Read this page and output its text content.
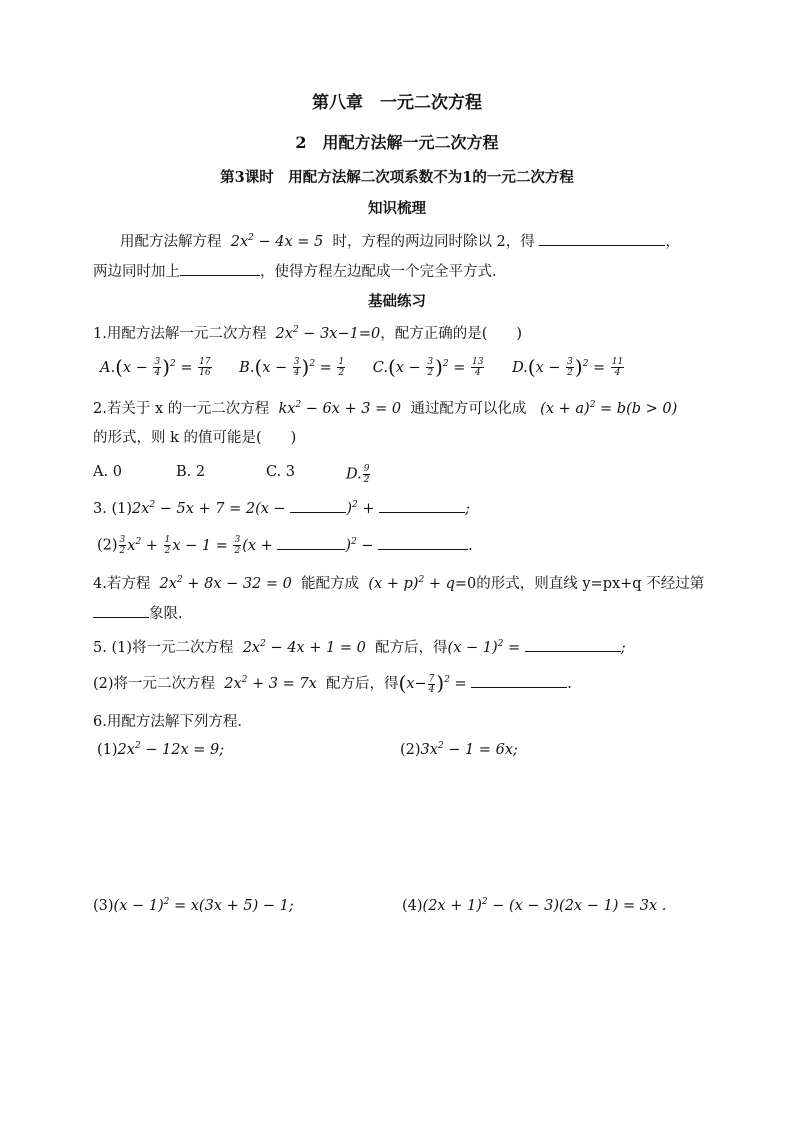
第八章　一元二次方程
2　用配方法解一元二次方程
第3课时　用配方法解二次项系数不为1的一元二次方程
知识梳理
用配方法解方程  $2x^2 - 4x = 5$  时，方程的两边同时除以 2，得	，
两边同时加上	，使得方程左边配成一个完全平方式.
基础练习
1.用配方法解一元二次方程  $2x^2 - 3x-1=0$，配方正确的是(　　)
$A.(x - \frac{3}{4} )^2 = \frac{17}{16} B.(x - \frac{3}{4} )^2 = \frac{1}{2} C.(x - \frac{3}{2} )^2 = \frac{13}{4} D.(x - \frac{3}{2} )^2 = \frac{11}{4}$
2.若关于 x 的一元二次方程  $kx^2 - 6x + 3 = 0$  通过配方可以化成   $(x + a)^2 = b(b > 0)$
的形式，则 k 的值可能是(　　)
A. 0	B. 2	C. 3	D. $\frac{9}{2}$
3. $(1)2x^2 - 5x + 7 = 2(x$ −	)$^2$ +	;
$(2) \frac{3}{2} x^2 + \frac{1}{2}$ $x - 1 = \frac{3}{2} (x$ +	)$^2$ −	.
4.若方程  $2x^2 + 8x - 32 = 0$  能配方成  $(x + p)^2 + q=0$的形式，则直线 y=px+q 不经过第
象限.
5. (1)将一元二次方程  $2x^2 - 4x + 1 = 0$  配方后，得$(x - 1)^2$ =	;
(2)将一元二次方程  $2x^2 + 3 = 7x$  配方后，得$(x- \frac{7}{4} )^2$ =	.
6.用配方法解下列方程.
$(1)2x^2 - 12x = 9$;	$(2)3x^2 - 1 = 6x$;
$(3)(x - 1)^2 = x(3x + 5) - 1$;	$(4)(2x + 1)^2 - (x - 3)(2x - 1) = 3x$ .
